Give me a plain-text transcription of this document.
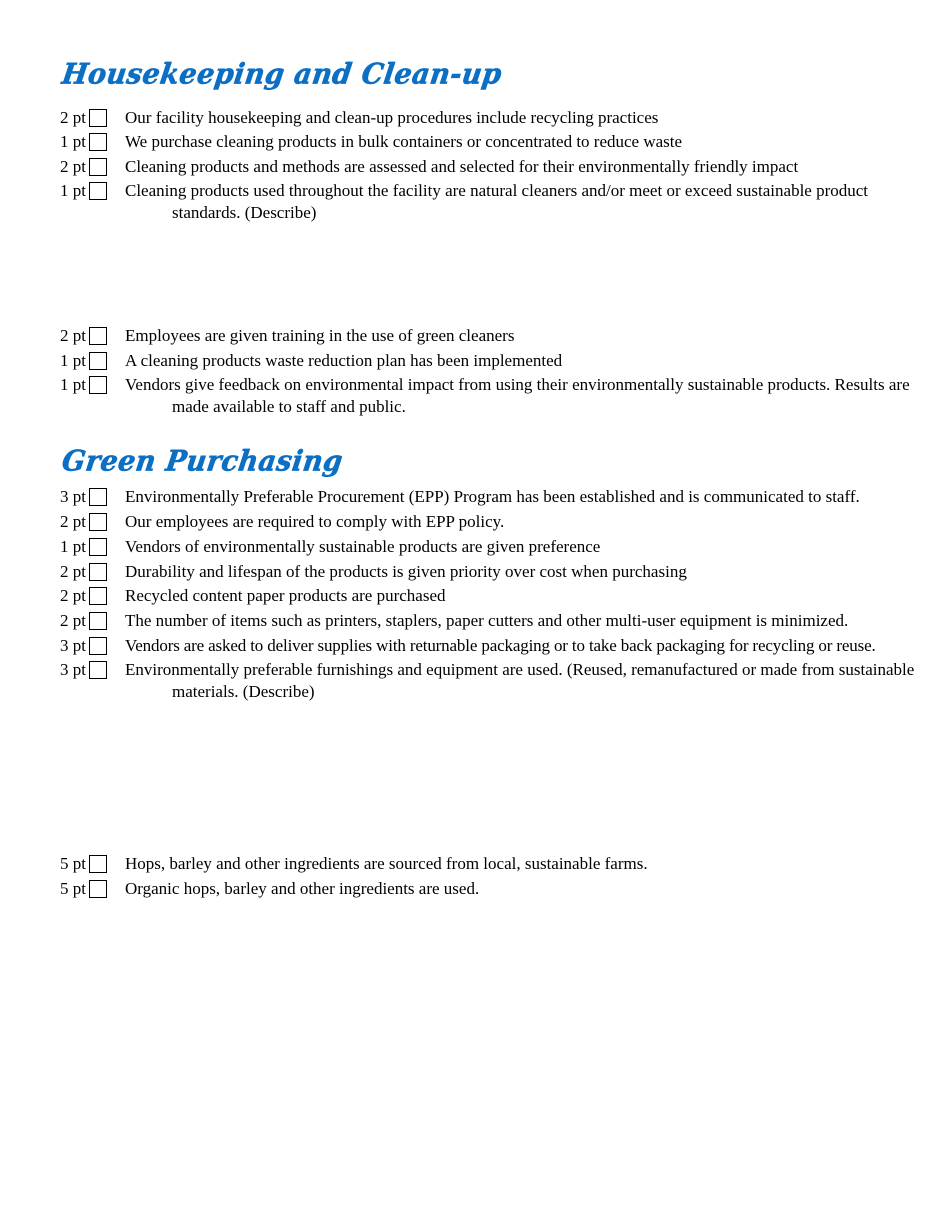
Housekeeping and Clean-up
2 pt Our facility housekeeping and clean-up procedures include recycling practices
1 pt We purchase cleaning products in bulk containers or concentrated to reduce waste
2 pt Cleaning products and methods are assessed and selected for their environmentally friendly impact
1 pt Cleaning products used throughout the facility are natural cleaners and/or meet or exceed sustainable product standards. (Describe)
2 pt Employees are given training in the use of green cleaners
1 pt A cleaning products waste reduction plan has been implemented
1 pt Vendors give feedback on environmental impact from using their environmentally sustainable products. Results are made available to staff and public.
Green Purchasing
3 pt Environmentally Preferable Procurement (EPP) Program has been established and is communicated to staff.
2 pt Our employees are required to comply with EPP policy.
1 pt Vendors of environmentally sustainable products are given preference
2 pt Durability and lifespan of the products is given priority over cost when purchasing
2 pt Recycled content paper products are purchased
2 pt The number of items such as printers, staplers, paper cutters and other multi-user equipment is minimized.
3 pt Vendors are asked to deliver supplies with returnable packaging or to take back packaging for recycling or reuse.
3 pt Environmentally preferable furnishings and equipment are used. (Reused, remanufactured or made from sustainable materials. (Describe)
5 pt Hops, barley and other ingredients are sourced from local, sustainable farms.
5 pt Organic hops, barley and other ingredients are used.
